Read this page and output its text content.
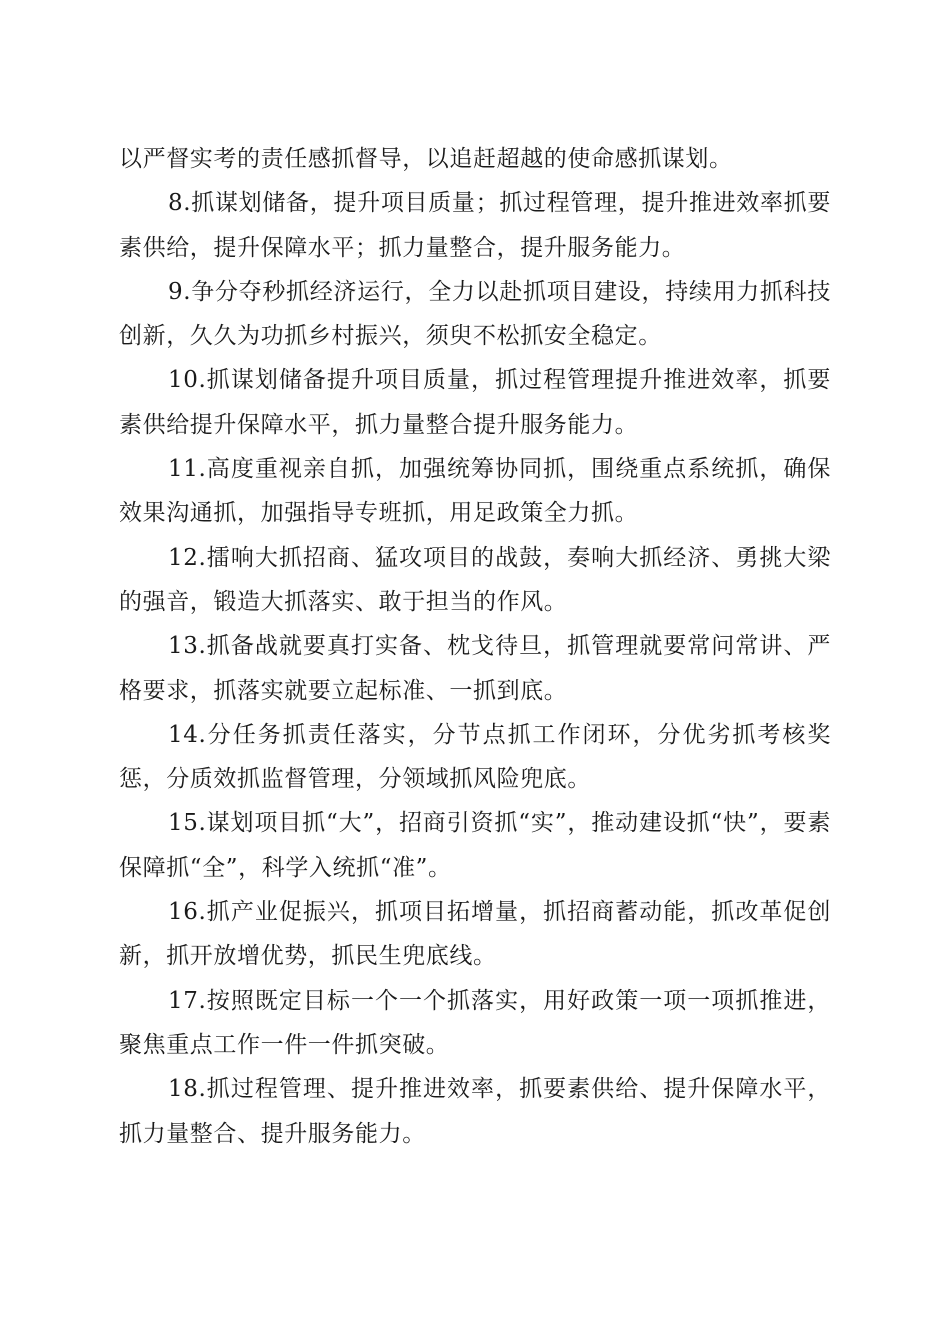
以严督实考的责任感抓督导，以追赶超越的使命感抓谋划。

8.抓谋划储备，提升项目质量；抓过程管理，提升推进效率抓要素供给，提升保障水平；抓力量整合，提升服务能力。

9.争分夺秒抓经济运行，全力以赴抓项目建设，持续用力抓科技创新，久久为功抓乡村振兴，须臾不松抓安全稳定。

10.抓谋划储备提升项目质量，抓过程管理提升推进效率，抓要素供给提升保障水平，抓力量整合提升服务能力。

11.高度重视亲自抓，加强统筹协同抓，围绕重点系统抓，确保效果沟通抓，加强指导专班抓，用足政策全力抓。

12.擂响大抓招商、猛攻项目的战鼓，奏响大抓经济、勇挑大梁的强音，锻造大抓落实、敢于担当的作风。

13.抓备战就要真打实备、枕戈待旦，抓管理就要常问常讲、严格要求，抓落实就要立起标准、一抓到底。

14.分任务抓责任落实，分节点抓工作闭环，分优劣抓考核奖惩，分质效抓监督管理，分领域抓风险兜底。

15.谋划项目抓“大”，招商引资抓“实”，推动建设抓“快”，要素保障抓“全”，科学入统抓“准”。

16.抓产业促振兴，抓项目拓增量，抓招商蓄动能，抓改革促创新，抓开放增优势，抓民生兜底线。

17.按照既定目标一个一个抓落实，用好政策一项一项抓推进，聚焦重点工作一件一件抓突破。

18.抓过程管理、提升推进效率，抓要素供给、提升保障水平，抓力量整合、提升服务能力。
